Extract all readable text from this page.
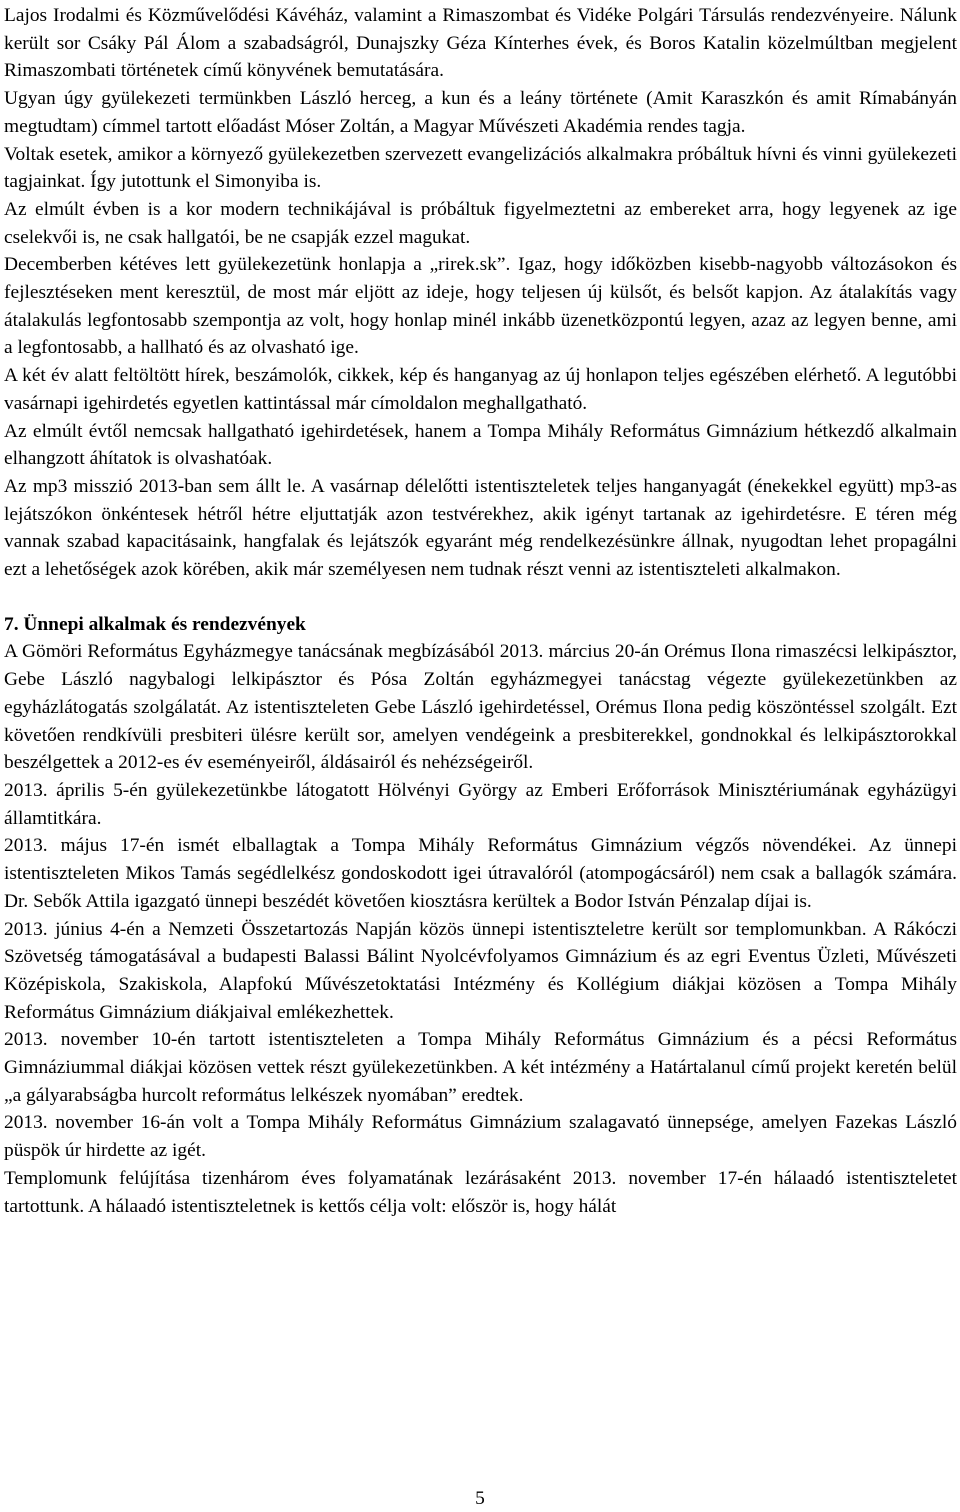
Lajos Irodalmi és Közművelődési Kávéház, valamint a Rimaszombat és Vidéke Polgári Társulás rendezvényeire. Nálunk került sor Csáky Pál Álom a szabadságról, Dunajszky Géza Kínterhes évek, és Boros Katalin közelmúltban megjelent Rimaszombati történetek című könyvének bemutatására.

Ugyan úgy gyülekezeti termünkben László herceg, a kun és a leány története (Amit Karaszkón és amit Rímabányán megtudtam) címmel tartott előadást Móser Zoltán, a Magyar Művészeti Akadémia rendes tagja.

Voltak esetek, amikor a környező gyülekezetben szervezett evangelizációs alkalmakra próbáltuk hívni és vinni gyülekezeti tagjainkat. Így jutottunk el Simonyiba is.

Az elmúlt évben is a kor modern technikájával is próbáltuk figyelmeztetni az embereket arra, hogy legyenek az ige cselekvői is, ne csak hallgatói, be ne csapják ezzel magukat.

Decemberben kétéves lett gyülekezetünk honlapja a „rirek.sk”. Igaz, hogy időközben kisebb-nagyobb változásokon és fejlesztéseken ment keresztül, de most már eljött az ideje, hogy teljesen új külsőt, és belsőt kapjon. Az átalakítás vagy átalakulás legfontosabb szempontja az volt, hogy honlap minél inkább üzenetközpontú legyen, azaz az legyen benne, ami a legfontosabb, a hallható és az olvasható ige.

A két év alatt feltöltött hírek, beszámolók, cikkek, kép és hanganyag az új honlapon teljes egészében elérhető. A legutóbbi vasárnapi igehirdetés egyetlen kattintással már címoldalon meghallgatható.

Az elmúlt évtől nemcsak hallgatható igehirdetések, hanem a Tompa Mihály Református Gimnázium hétkezdő alkalmain elhangzott áhítatok is olvashatóak.

Az mp3 misszió 2013-ban sem állt le. A vasárnap délelőtti istentiszteletek teljes hanganyagát (énekekkel együtt) mp3-as lejátszókon önkéntesek hétről hétre eljuttatják azon testvérekhez, akik igényt tartanak az igehirdetésre. E téren még vannak szabad kapacitásaink, hangfalak és lejátszók egyaránt még rendelkezésünkre állnak, nyugodtan lehet propagálni ezt a lehetőségek azok körében, akik már személyesen nem tudnak részt venni az istentiszteleti alkalmakon.

7. Ünnepi alkalmak és rendezvények

A Gömöri Református Egyházmegye tanácsának megbízásából 2013. március 20-án Orémus Ilona rimaszécsi lelkipásztor, Gebe László nagybalogi lelkipásztor és Pósa Zoltán egyházmegyei tanácstag végezte gyülekezetünkben az egyházlátogatás szolgálatát. Az istentiszteleten Gebe László igehirdetéssel, Orémus Ilona pedig köszöntéssel szolgált. Ezt követően rendkívüli presbiteri ülésre került sor, amelyen vendégeink a presbiterekkel, gondnokkal és lelkipásztorokkal beszélgettek a 2012-es év eseményeiről, áldásairól és nehézségeiről.

2013. április 5-én gyülekezetünkbe látogatott Hölvényi György az Emberi Erőforrások Minisztériumának egyházügyi államtitkára.

2013. május 17-én ismét elballagtak a Tompa Mihály Református Gimnázium végzős növendékei. Az ünnepi istentiszteleten Mikos Tamás segédlelkész gondoskodott igei útravalóról (atompogácsáról) nem csak a ballagók számára. Dr. Sebők Attila igazgató ünnepi beszédét követően kiosztásra kerültek a Bodor István Pénzalap díjai is.

2013. június 4-én a Nemzeti Összetartozás Napján közös ünnepi istentiszteletre került sor templomunkban. A Rákóczi Szövetség támogatásával a budapesti Balassi Bálint Nyolcévfolyamos Gimnázium és az egri Eventus Üzleti, Művészeti Középiskola, Szakiskola, Alapfokú Művészetoktatási Intézmény és Kollégium diákjai közösen a Tompa Mihály Református Gimnázium diákjaival emlékezhettek.

2013. november 10-én tartott istentiszteleten a Tompa Mihály Református Gimnázium és a pécsi Református Gimnáziummal diákjai közösen vettek részt gyülekezetünkben. A két intézmény a Határtalanul című projekt keretén belül „a gályarabságba hurcolt református lelkészek nyomában” eredtek.

2013. november 16-án volt a Tompa Mihály Református Gimnázium szalagavató ünnepsége, amelyen Fazekas László püspök úr hirdette az igét.

Templomunk felújítása tizenhárom éves folyamatának lezárásaként 2013. november 17-én hálaadó istentiszteletet tartottunk. A hálaadó istentiszteletnek is kettős célja volt: először is, hogy hálát

5
